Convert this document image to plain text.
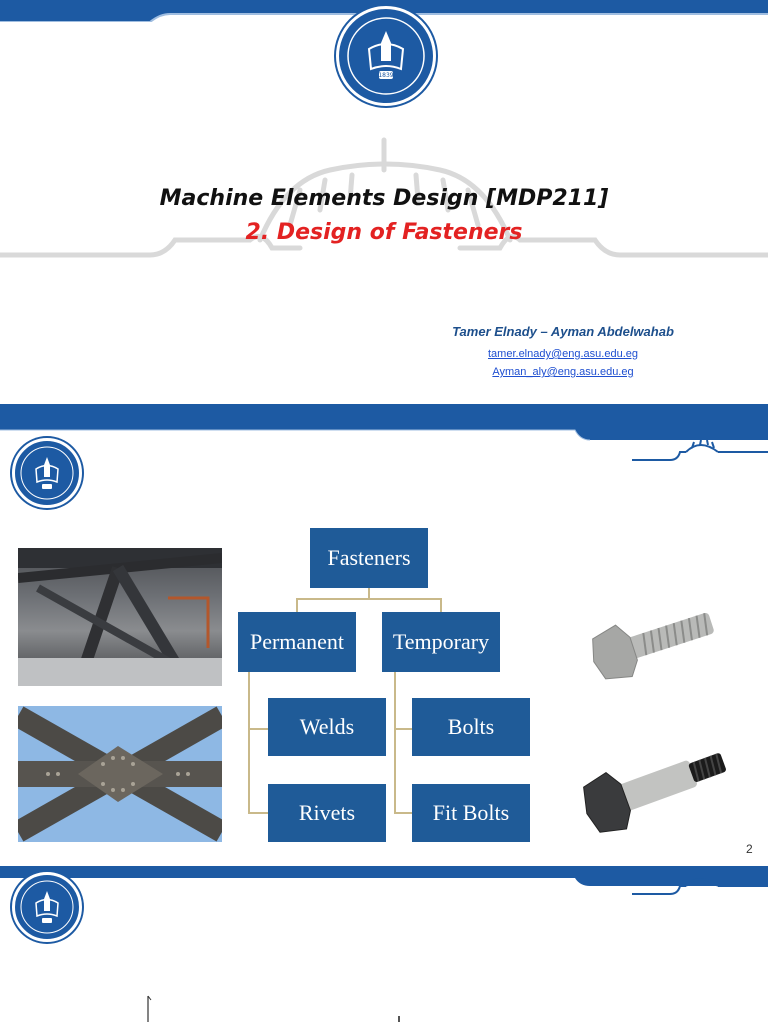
1839
Machine Elements Design [MDP211]
2. Design of Fasteners
Tamer Elnady – Ayman Abdelwahab
tamer.elnady@eng.asu.edu.eg
Ayman_aly@eng.asu.edu.eg
Fasteners
Permanent	Temporary
Welds
Rivets
Bolts
Fit Bolts
2
